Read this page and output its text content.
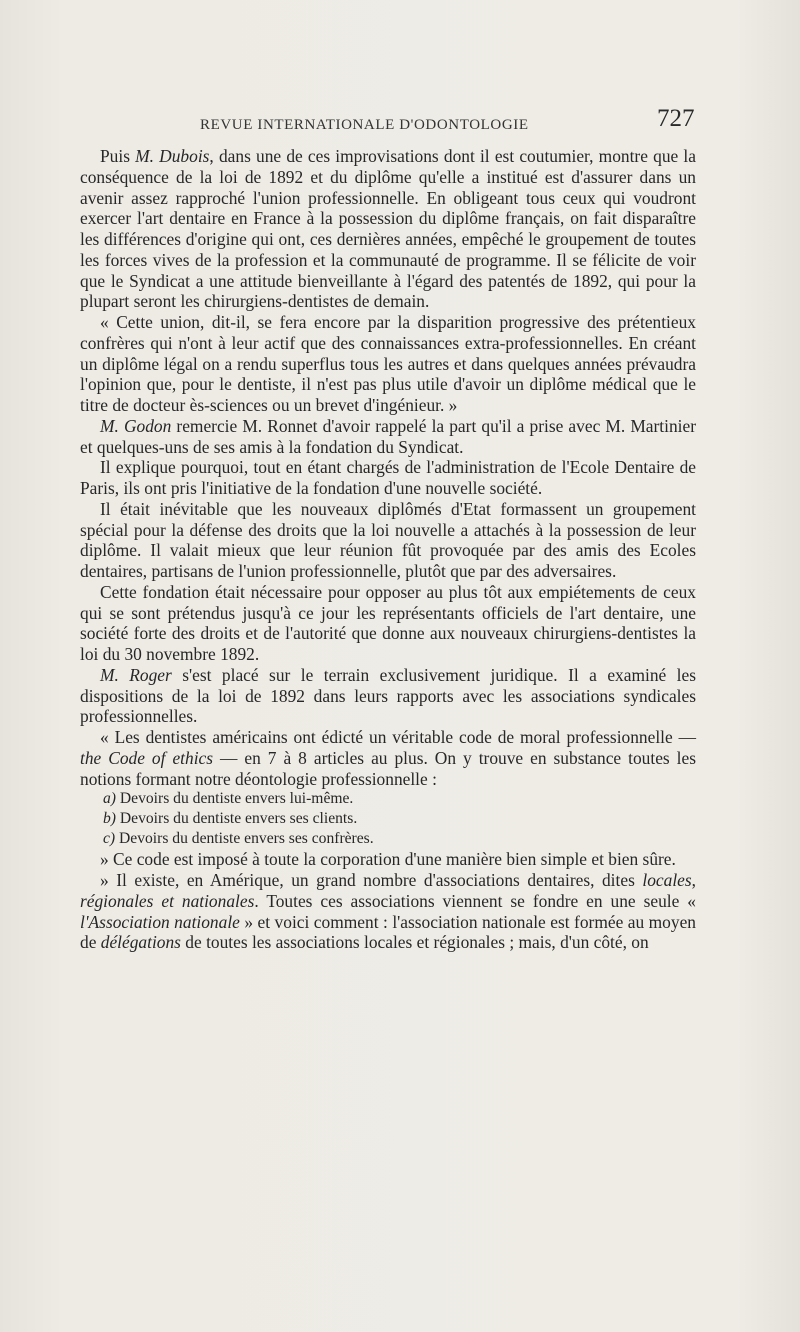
REVUE INTERNATIONALE D'ODONTOLOGIE	727

Puis M. Dubois, dans une de ces improvisations dont il est coutumier, montre que la conséquence de la loi de 1892 et du diplôme qu'elle a institué est d'assurer dans un avenir assez rapproché l'union professionnelle. En obligeant tous ceux qui voudront exercer l'art dentaire en France à la possession du diplôme français, on fait disparaître les différences d'origine qui ont, ces dernières années, empêché le groupement de toutes les forces vives de la profession et la communauté de programme. Il se félicite de voir que le Syndicat a une attitude bienveillante à l'égard des patentés de 1892, qui pour la plupart seront les chirurgiens-dentistes de demain.

« Cette union, dit-il, se fera encore par la disparition progressive des prétentieux confrères qui n'ont à leur actif que des connaissances extra-professionnelles. En créant un diplôme légal on a rendu superflus tous les autres et dans quelques années prévaudra l'opinion que, pour le dentiste, il n'est pas plus utile d'avoir un diplôme médical que le titre de docteur ès-sciences ou un brevet d'ingénieur. »

M. Godon remercie M. Ronnet d'avoir rappelé la part qu'il a prise avec M. Martinier et quelques-uns de ses amis à la fondation du Syndicat.

Il explique pourquoi, tout en étant chargés de l'administration de l'Ecole Dentaire de Paris, ils ont pris l'initiative de la fondation d'une nouvelle société.

Il était inévitable que les nouveaux diplômés d'Etat formassent un groupement spécial pour la défense des droits que la loi nouvelle a attachés à la possession de leur diplôme. Il valait mieux que leur réunion fût provoquée par des amis des Ecoles dentaires, partisans de l'union professionnelle, plutôt que par des adversaires.

Cette fondation était nécessaire pour opposer au plus tôt aux empiétements de ceux qui se sont prétendus jusqu'à ce jour les représentants officiels de l'art dentaire, une société forte des droits et de l'autorité que donne aux nouveaux chirurgiens-dentistes la loi du 30 novembre 1892.

M. Roger s'est placé sur le terrain exclusivement juridique. Il a examiné les dispositions de la loi de 1892 dans leurs rapports avec les associations syndicales professionnelles.

« Les dentistes américains ont édicté un véritable code de moral professionnelle — the Code of ethics — en 7 à 8 articles au plus. On y trouve en substance toutes les notions formant notre déontologie professionnelle :

a) Devoirs du dentiste envers lui-même.
b) Devoirs du dentiste envers ses clients.
c) Devoirs du dentiste envers ses confrères.

» Ce code est imposé à toute la corporation d'une manière bien simple et bien sûre.

» Il existe, en Amérique, un grand nombre d'associations dentaires, dites locales, régionales et nationales. Toutes ces associations viennent se fondre en une seule « l'Association nationale » et voici comment : l'association nationale est formée au moyen de délégations de toutes les associations locales et régionales ; mais, d'un côté, on
